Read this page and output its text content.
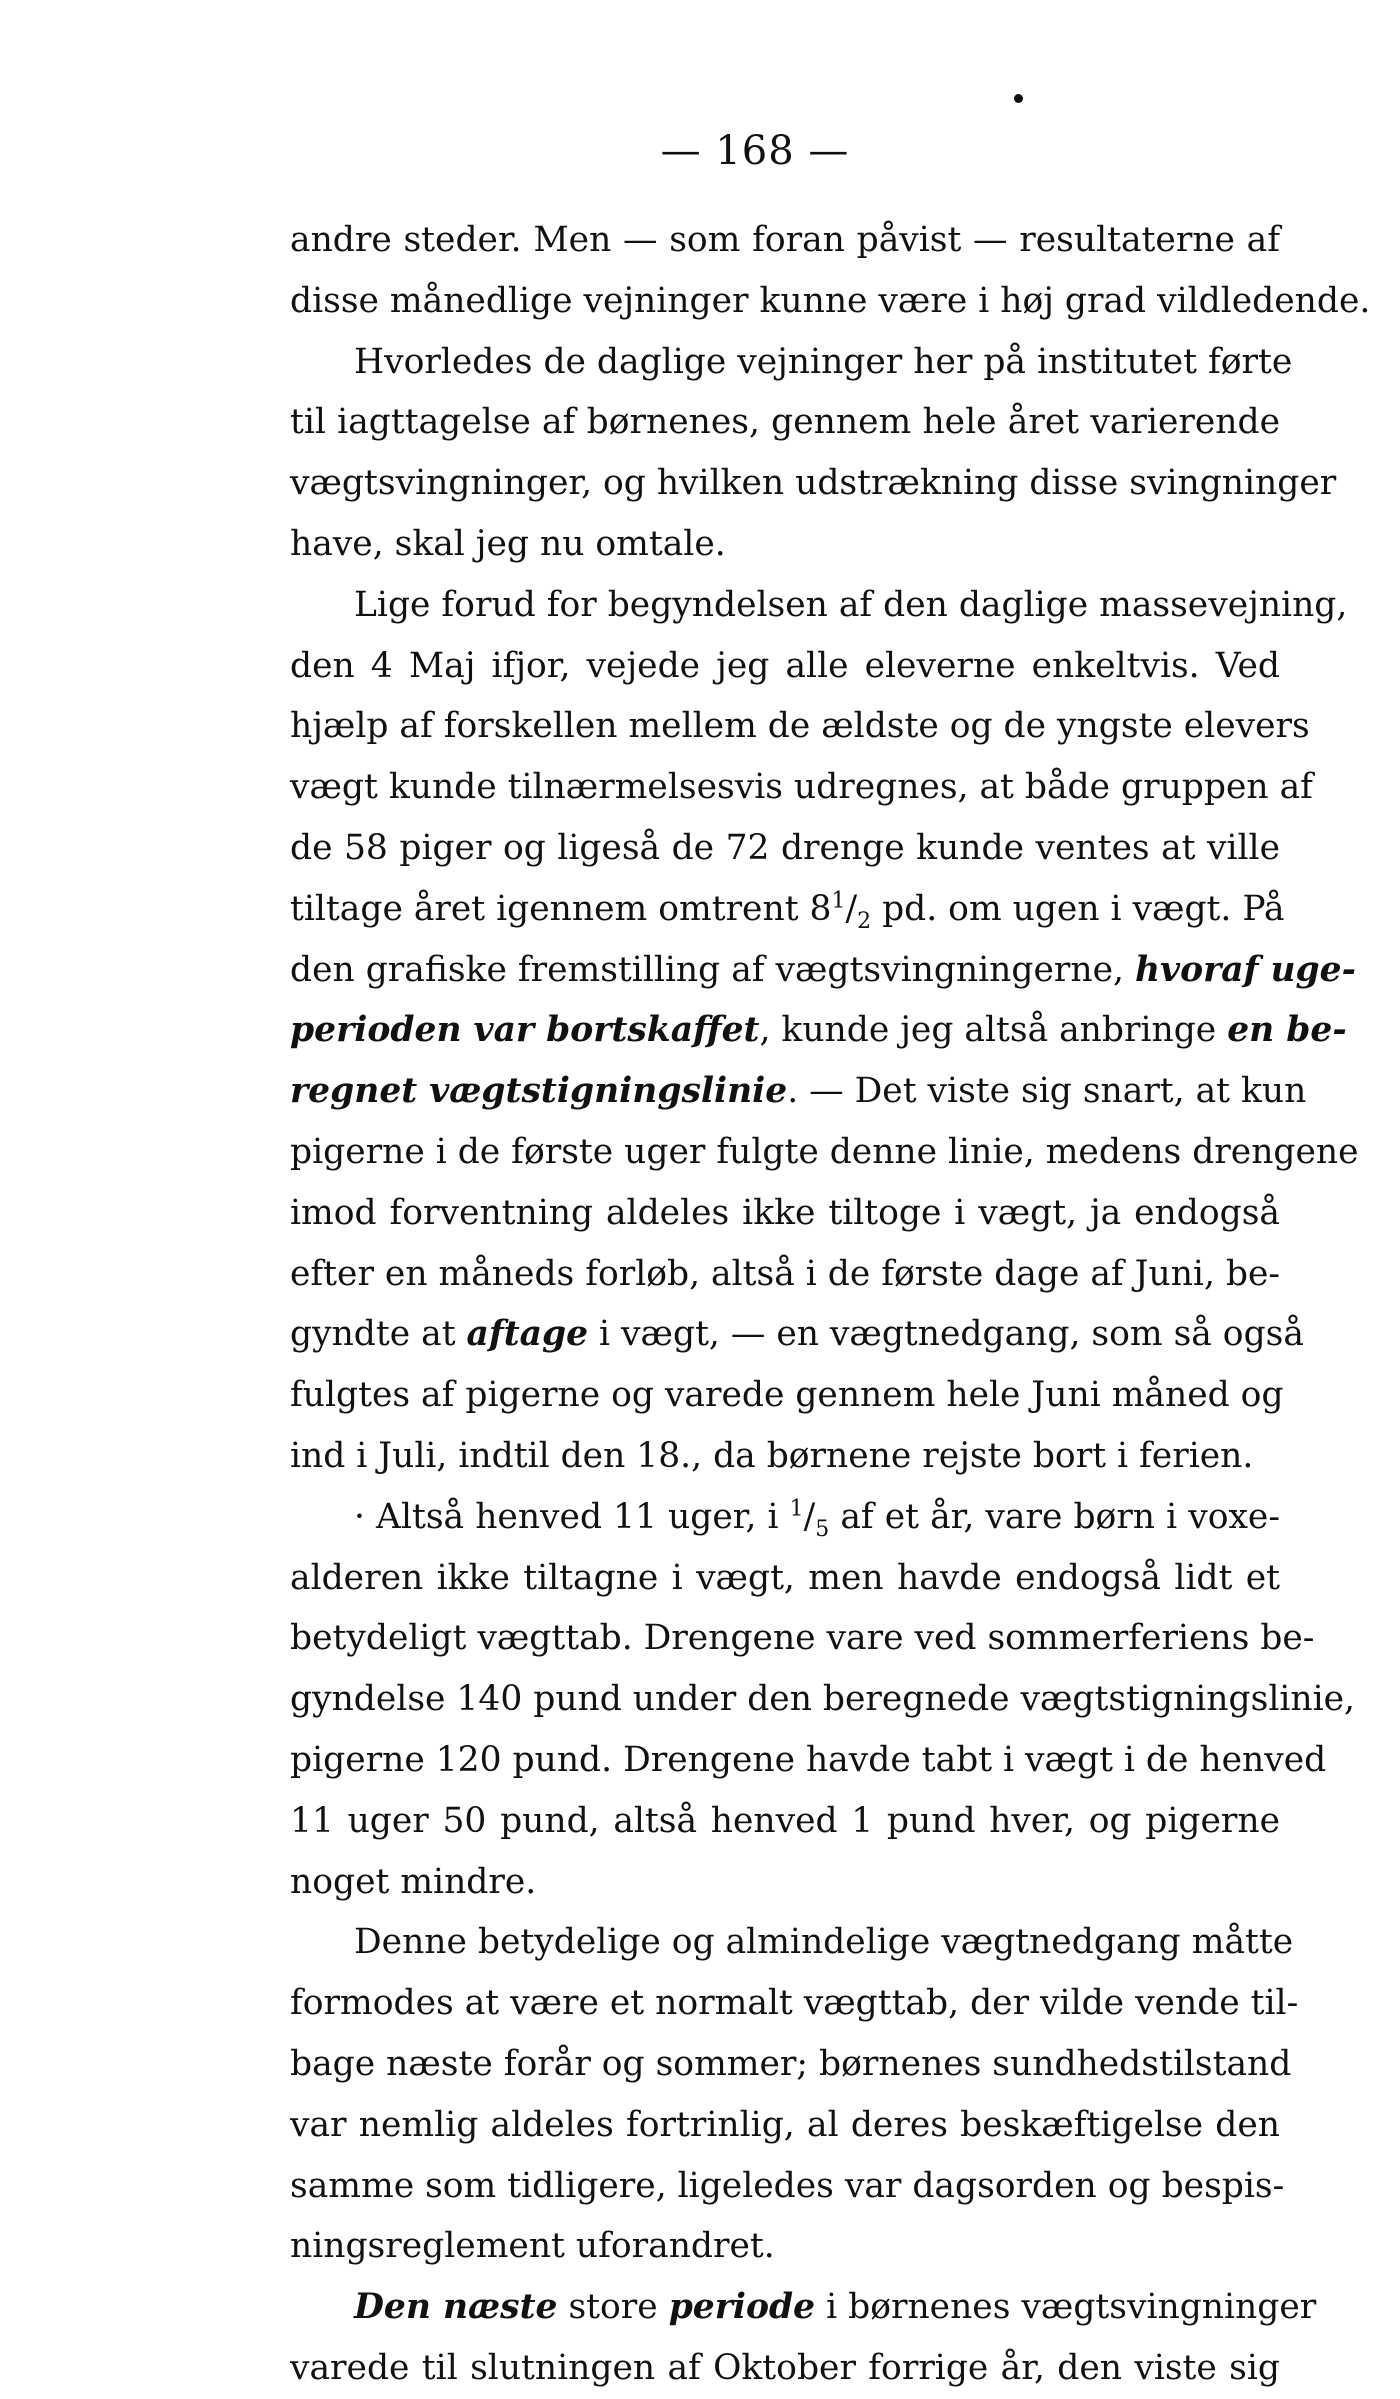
— 168 —
andre steder. Men — som foran påvist — resultaterne af
disse månedlige vejninger kunne være i høj grad vildledende.
Hvorledes de daglige vejninger her på institutet førte
til iagttagelse af børnenes, gennem hele året varierende
vægtsvingninger, og hvilken udstrækning disse svingninger
have, skal jeg nu omtale.
Lige forud for begyndelsen af den daglige massevejning,
den 4 Maj ifjor, vejede jeg alle eleverne enkeltvis. Ved
hjælp af forskellen mellem de ældste og de yngste elevers
vægt kunde tilnærmelsesvis udregnes, at både gruppen af
de 58 piger og ligeså de 72 drenge kunde ventes at ville
tiltage året igennem omtrent $8^1/_2$ pd. om ugen i vægt. På
den grafiske fremstilling af vægtsvingningerne, hvoraf uge-
perioden var bortskaffet, kunde jeg altså anbringe en be-
regnet vægtstigningslinie. — Det viste sig snart, at kun
pigerne i de første uger fulgte denne linie, medens drengene
imod forventning aldeles ikke tiltoge i vægt, ja endogså
efter en måneds forløb, altså i de første dage af Juni, be-
gyndte at aftage i vægt, — en vægtnedgang, som så også
fulgtes af pigerne og varede gennem hele Juni måned og
ind i Juli, indtil den 18., da børnene rejste bort i ferien.
· Altså henved 11 uger, i $^1/_5$ af et år, vare børn i voxe-
alderen ikke tiltagne i vægt, men havde endogså lidt et
betydeligt vægttab. Drengene vare ved sommerferiens be-
gyndelse 140 pund under den beregnede vægtstigningslinie,
pigerne 120 pund. Drengene havde tabt i vægt i de henved
11 uger 50 pund, altså henved 1 pund hver, og pigerne
noget mindre.
Denne betydelige og almindelige vægtnedgang måtte
formodes at være et normalt vægttab, der vilde vende til-
bage næste forår og sommer; børnenes sundhedstilstand
var nemlig aldeles fortrinlig, al deres beskæftigelse den
samme som tidligere, ligeledes var dagsorden og bespis-
ningsreglement uforandret.
Den næste store periode i børnenes vægtsvingninger
varede til slutningen af Oktober forrige år, den viste sig
